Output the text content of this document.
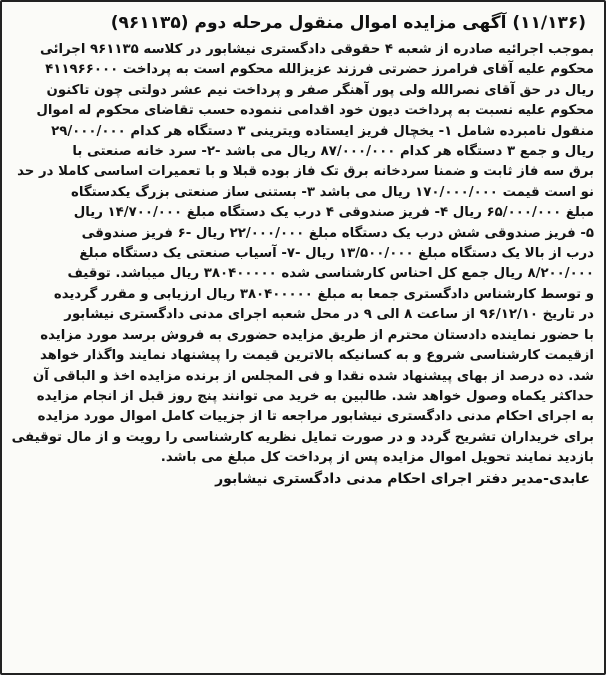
(۱۱/۱۳۶) آگهی مزایده اموال منقول مرحله دوم (۹۶۱۱۳۵)
بموجب اجرائیه صادره از شعبه ۴ حقوقی دادگستری نیشابور در کلاسه ۹۶۱۱۳۵ اجرائی
محکوم علیه آقای فرامرز حضرتی فرزند عزیزالله محکوم است به پرداخت ۴۱۱۹۶۶۰۰۰
ریال در حق آقای نصرالله ولی پور آهنگر صفر و پرداخت نیم عشر دولتی چون تاکنون
محکوم علیه نسبت به پرداخت دیون خود اقدامی ننموده حسب تقاضای محکوم له اموال
منقول نامبرده شامل ۱- یخچال فریز ایستاده ویترینی ۳ دستگاه هر کدام ۲۹/۰۰۰/۰۰۰
ریال و جمع ۳ دستگاه هر کدام ۸۷/۰۰۰/۰۰۰ ریال می باشد -۲- سرد خانه صنعتی با
برق سه فاز ثابت و ضمنا سردخانه برق تک فاز بوده قبلا و با تعمیرات اساسی کاملا در حد
نو است قیمت ۱۷۰/۰۰۰/۰۰۰ ریال می باشد ۳- بستنی ساز صنعتی بزرگ یکدستگاه
مبلغ ۶۵/۰۰۰/۰۰۰ ریال ۴- فریز صندوقی ۴ درب یک دستگاه مبلغ ۱۴/۷۰۰/۰۰۰ ریال
۵- فریز صندوقی شش درب یک دستگاه مبلغ ۲۲/۰۰۰/۰۰۰ ریال -۶ فریز صندوقی
درب از بالا یک دستگاه مبلغ ۱۳/۵۰۰/۰۰۰ ریال -۷- آسیاب صنعتی یک دستگاه مبلغ
۸/۲۰۰/۰۰۰ ریال جمع کل احناس کارشناسی شده ۳۸۰۴۰۰۰۰۰ ریال میباشد. توقیف
و توسط کارشناس دادگستری جمعا به مبلغ ۳۸۰۴۰۰۰۰۰ ریال ارزیابی و مقرر گردیده
در تاریخ ۹۶/۱۲/۱۰ از ساعت ۸ الی ۹ در محل شعبه اجرای مدنی دادگستری نیشابور
با حضور نماینده دادستان محترم از طریق مزایده حضوری به فروش برسد مورد مزایده
ازقیمت کارشناسی شروع و به کسانیکه بالاترین قیمت را پیشنهاد نمایند واگذار خواهد
شد. ده درصد از بهای پیشنهاد شده نقدا و فی المجلس از برنده مزایده اخذ و الباقی آن
حداکثر یکماه وصول خواهد شد. طالبین به خرید می توانند پنج روز قبل از انجام مزایده
به اجرای احکام مدنی دادگستری نیشابور مراجعه تا از جزییات کامل اموال مورد مزایده
برای خریداران تشریح گردد و در صورت تمایل نظریه کارشناسی را رویت و از مال توقیفی
بازدید نمایند تحویل اموال مزایده پس از پرداخت کل مبلغ می باشد.
عابدی-مدیر دفتر اجرای احکام مدنی دادگستری نیشابور
